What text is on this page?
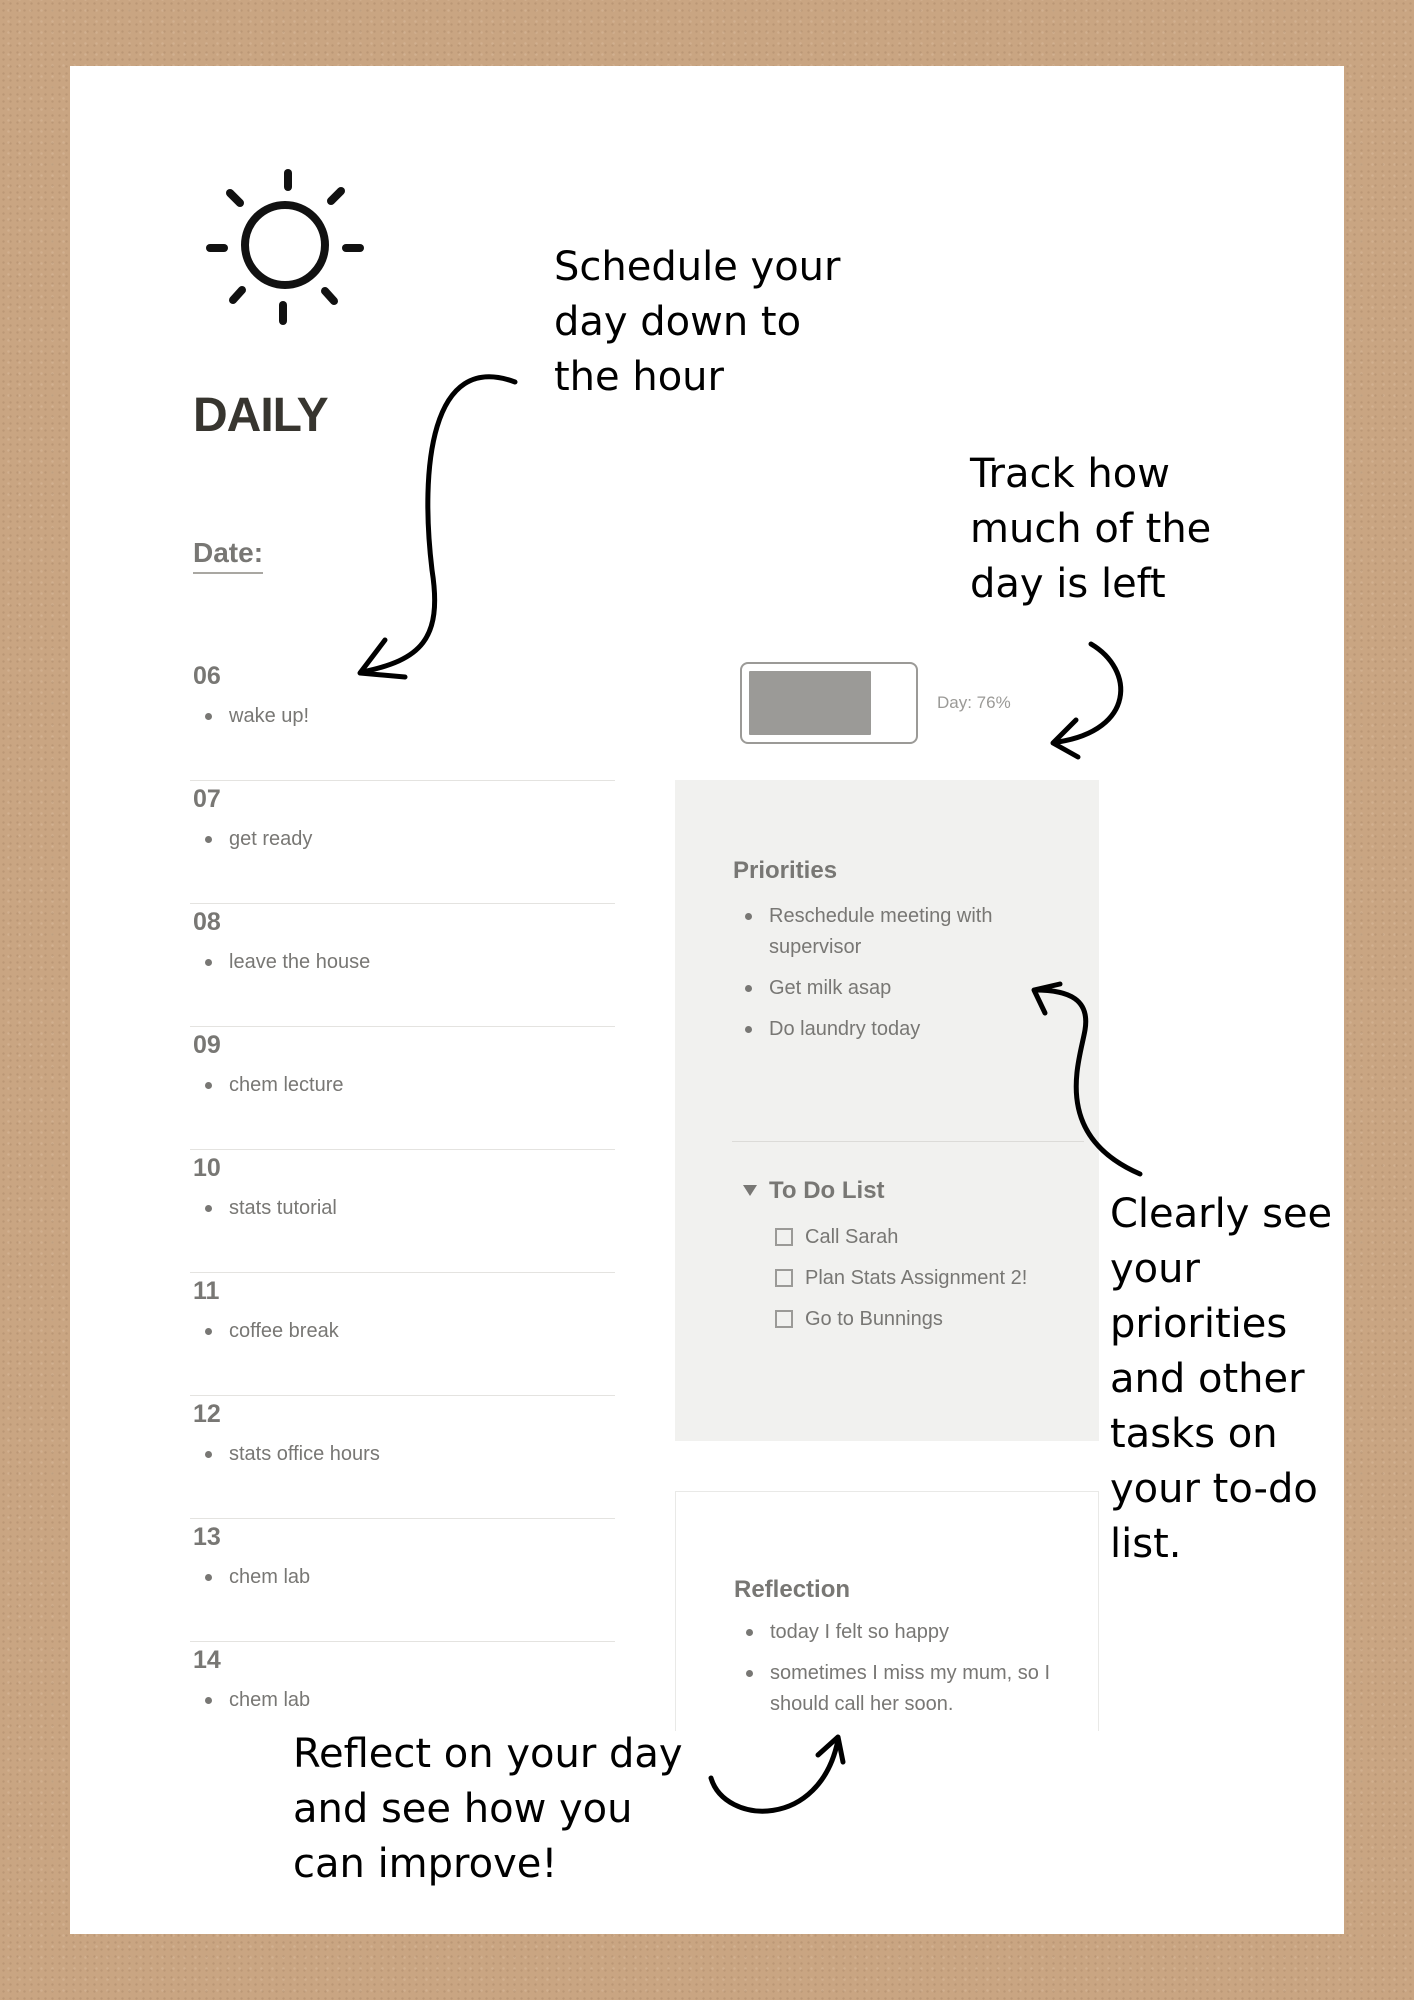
DAILY
Date:
06
wake up!
07
get ready
08
leave the house
09
chem lecture
10
stats tutorial
11
coffee break
12
stats office hours
13
chem lab
14
chem lab
Day: 76%
Priorities
Reschedule meeting with supervisor
Get milk asap
Do laundry today
To Do List
Call Sarah
Plan Stats Assignment 2!
Go to Bunnings
Reflection
today I felt so happy
sometimes I miss my mum, so I should call her soon.
Schedule your
day down to
the hour
Track how
much of the
day is left
Clearly see
your
priorities
and other
tasks on
your to-do
list.
Reflect on your day
and see how you
can improve!
